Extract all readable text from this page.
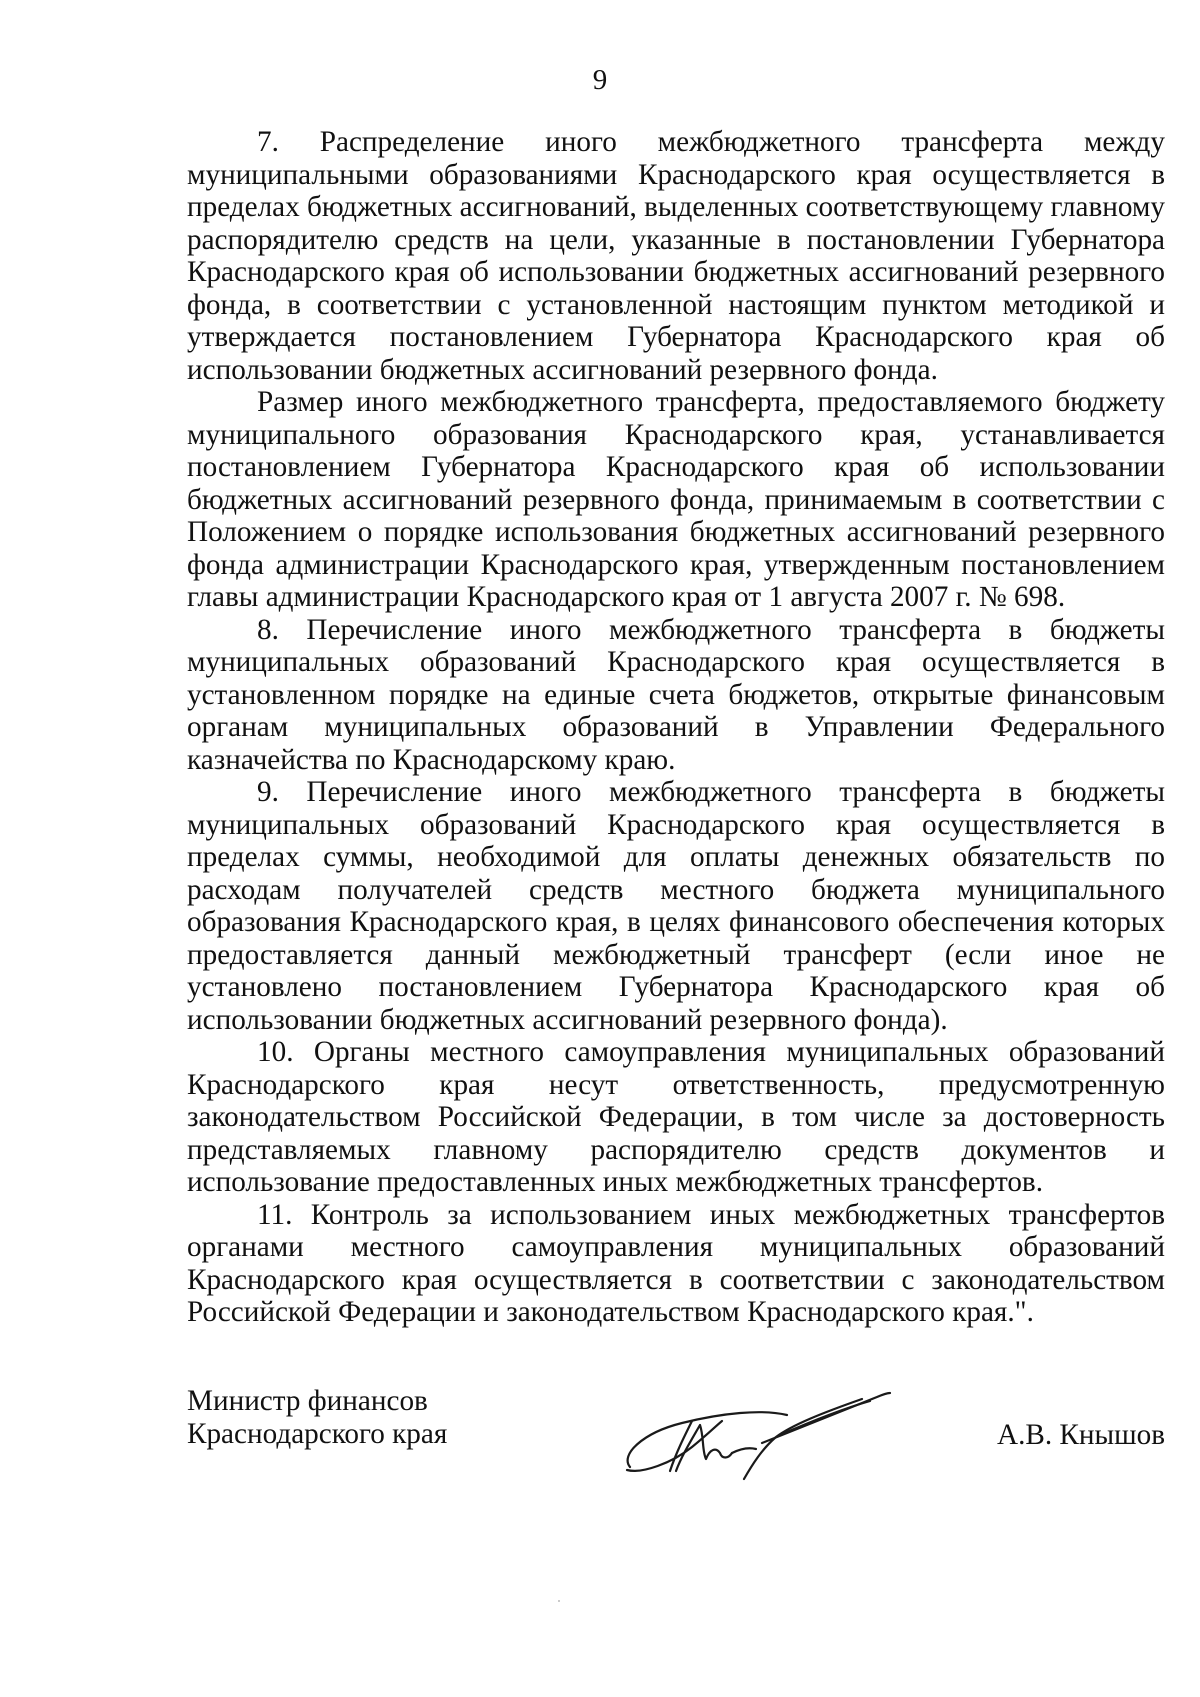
9

7. Распределение иного межбюджетного трансферта между муниципальными образованиями Краснодарского края осуществляется в пределах бюджетных ассигнований, выделенных соответствующему главному распорядителю средств на цели, указанные в постановлении Губернатора Краснодарского края об использовании бюджетных ассигнований резервного фонда, в соответствии с установленной настоящим пунктом методикой и утверждается постановлением Губернатора Краснодарского края об использовании бюджетных ассигнований резервного фонда.

Размер иного межбюджетного трансферта, предоставляемого бюджету муниципального образования Краснодарского края, устанавливается постановлением Губернатора Краснодарского края об использовании бюджетных ассигнований резервного фонда, принимаемым в соответствии с Положением о порядке использования бюджетных ассигнований резервного фонда администрации Краснодарского края, утвержденным постановлением главы администрации Краснодарского края от 1 августа 2007 г. № 698.

8. Перечисление иного межбюджетного трансферта в бюджеты муниципальных образований Краснодарского края осуществляется в установленном порядке на единые счета бюджетов, открытые финансовым органам муниципальных образований в Управлении Федерального казначейства по Краснодарскому краю.

9. Перечисление иного межбюджетного трансферта в бюджеты муниципальных образований Краснодарского края осуществляется в пределах суммы, необходимой для оплаты денежных обязательств по расходам получателей средств местного бюджета муниципального образования Краснодарского края, в целях финансового обеспечения которых предоставляется данный межбюджетный трансферт (если иное не установлено постановлением Губернатора Краснодарского края об использовании бюджетных ассигнований резервного фонда).

10. Органы местного самоуправления муниципальных образований Краснодарского края несут ответственность, предусмотренную законодательством Российской Федерации, в том числе за достоверность представляемых главному распорядителю средств документов и использование предоставленных иных межбюджетных трансфертов.

11. Контроль за использованием иных межбюджетных трансфертов органами местного самоуправления муниципальных образований Краснодарского края осуществляется в соответствии с законодательством Российской Федерации и законодательством Краснодарского края.".

Министр финансов
Краснодарского края	А.В. Кнышов
